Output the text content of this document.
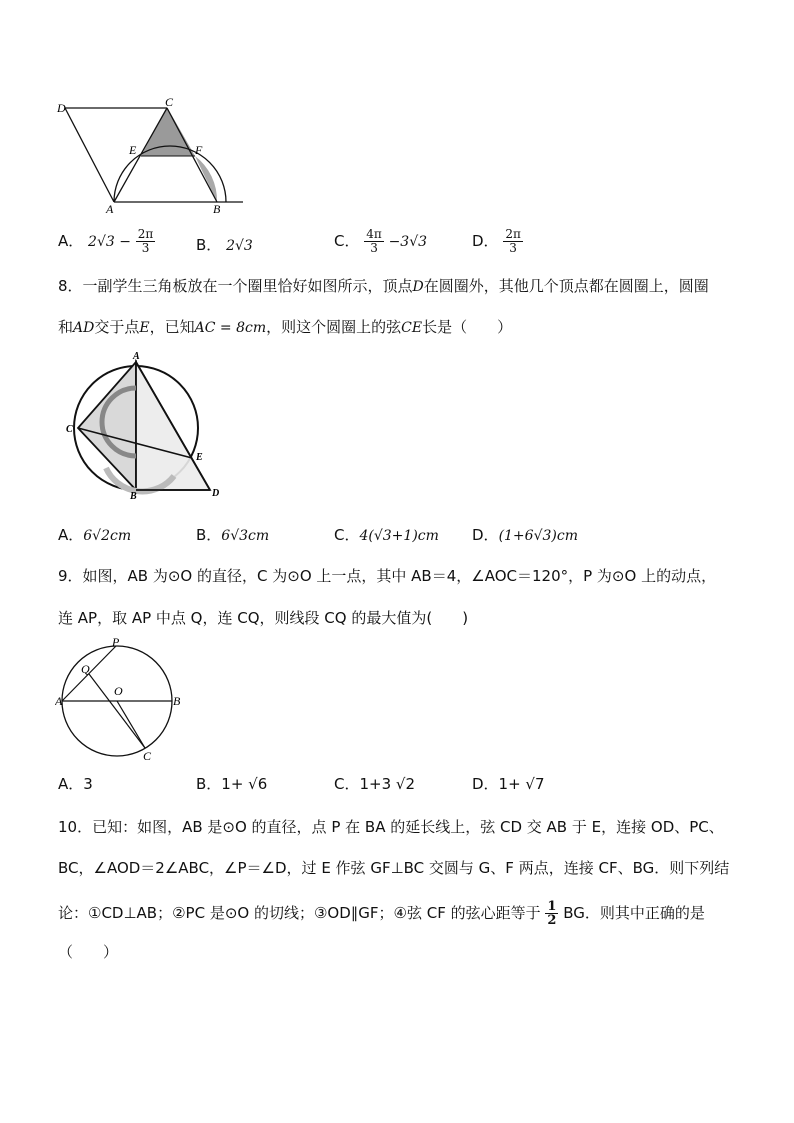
D	C
E	F
A	B
A． $2√3 - \frac{2\pi}{3}$	B． 2√3	C． $\frac{4\pi}{3} -3√3$	D． $\frac{2\pi}{3}$
8．一副学生三角板放在一个圈里恰好如图所示，顶点D在圆圈外，其他几个顶点都在圆圈上，圆圈
和AD交于点E，已知AC = 8cm，则这个圆圈上的弦CE长是（　　）
A
C
E
B	D
A．6√2cm	B．6√3cm	C．4(√3+1)cm D．(1+6√3)cm
9．如图，AB 为⊙O 的直径，C 为⊙O 上一点，其中 AB＝4，∠AOC＝120°，P 为⊙O 上的动点，
连 AP，取 AP 中点 Q，连 CQ，则线段 CQ 的最大值为(　　)
P
Q
O
A	B
C
A．3	B．1+ √6	C．1+3 √2	D．1+ √7
10．已知：如图，AB 是⊙O 的直径，点 P 在 BA 的延长线上，弦 CD 交 AB 于 E，连接 OD、PC、
BC，∠AOD＝2∠ABC，∠P＝∠D，过 E 作弦 GF⊥BC 交圆与 G、F 两点，连接 CF、BG．则下列结
论：①CD⊥AB；②PC 是⊙O 的切线；③OD∥GF；④弦 CF 的弦心距等于 $\frac{1}{2}$ BG．则其中正确的是
（　　）
